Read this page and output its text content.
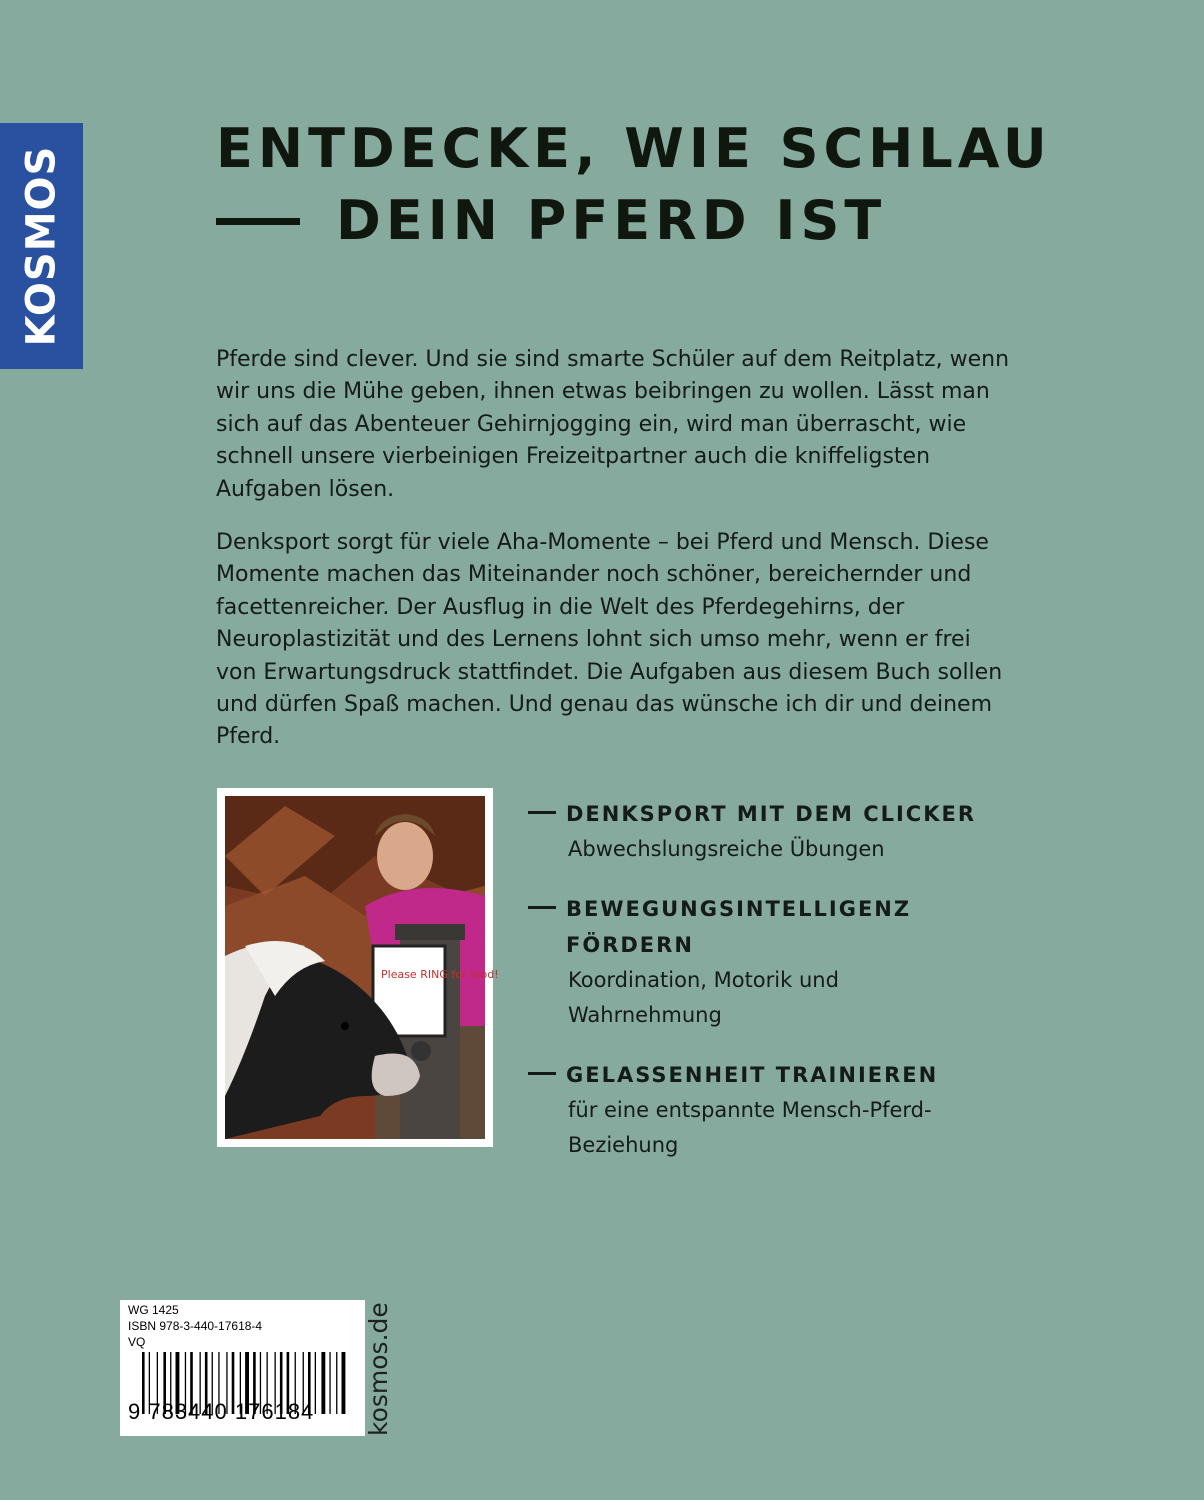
KOSMOS	ENTDECKE, WIE SCHLAU
DEIN PFERD IST

Pferde sind clever. Und sie sind smarte Schüler auf dem Reitplatz, wenn wir uns die Mühe geben, ihnen etwas beibringen zu wollen. Lässt man sich auf das Abenteuer Gehirnjogging ein, wird man überrascht, wie schnell unsere vierbeinigen Freizeitpartner auch die kniffeligsten Aufgaben lösen.

Denksport sorgt für viele Aha-Momente – bei Pferd und Mensch. Diese Momente machen das Miteinander noch schöner, bereichernder und facettenreicher. Der Ausflug in die Welt des Pferdegehirns, der Neuroplastizität und des Lernens lohnt sich umso mehr, wenn er frei von Erwartungsdruck stattfindet. Die Aufgaben aus diesem Buch sollen und dürfen Spaß machen. Und genau das wünsche ich dir und deinem Pferd.

Please RING for food!
DENKSPORT MIT DEM CLICKER
Abwechslungsreiche Übungen
BEWEGUNGSINTELLIGENZ FÖRDERN
Koordination, Motorik und Wahrnehmung
GELASSENHEIT TRAINIEREN
für eine entspannte Mensch-Pferd-Beziehung
WG 1425
ISBN 978-3-440-17618-4
VQ
9 783440 176184	kosmos.de
